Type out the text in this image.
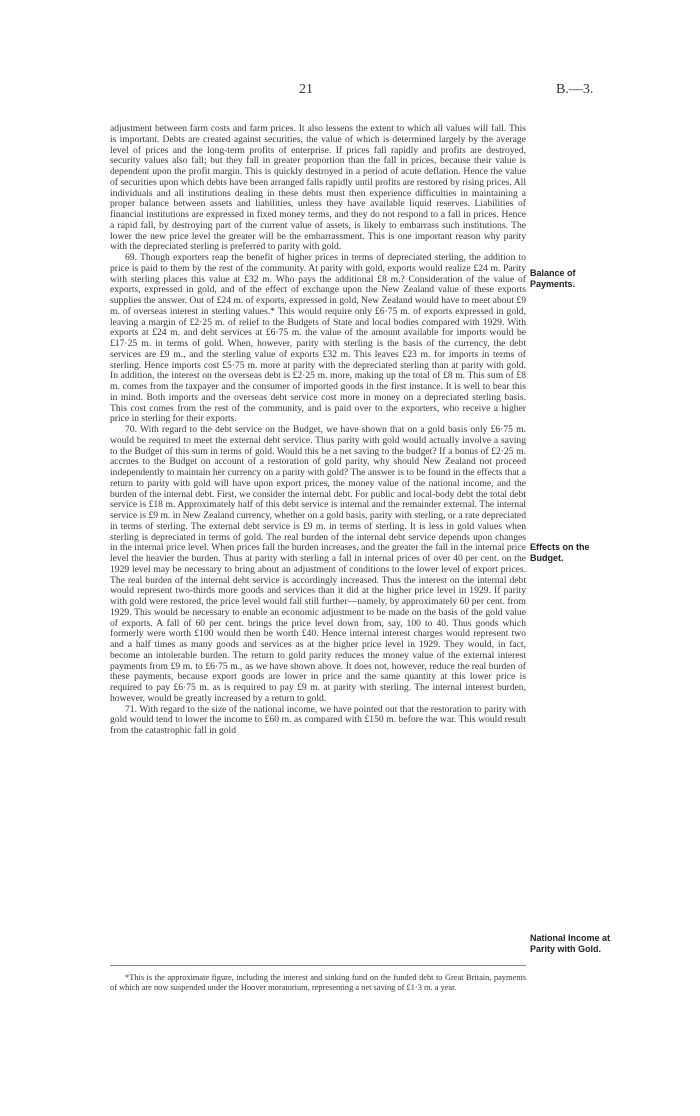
21	B.—3.

adjustment between farm costs and farm prices. It also lessens the extent to which all values will fall. This is important. Debts are created against securities, the value of which is determined largely by the average level of prices and the long-term profits of enterprise. If prices fall rapidly and profits are destroyed, security values also fall; but they fall in greater proportion than the fall in prices, because their value is dependent upon the profit margin. This is quickly destroyed in a period of acute deflation. Hence the value of securities upon which debts have been arranged falls rapidly until profits are restored by rising prices. All individuals and all institutions dealing in these debts must then experience difficulties in maintaining a proper balance between assets and liabilities, unless they have available liquid reserves. Liabilities of financial institutions are expressed in fixed money terms, and they do not respond to a fall in prices. Hence a rapid fall, by destroying part of the current value of assets, is likely to embarrass such institutions. The lower the new price level the greater will be the embarrassment. This is one important reason why parity with the depreciated sterling is preferred to parity with gold.

69. Though exporters reap the benefit of higher prices in terms of depreciated sterling, the addition to price is paid to them by the rest of the community. At parity with gold, exports would realize £24 m. Parity with sterling places this value at £32 m. Who pays the additional £8 m.? Consideration of the value of exports, expressed in gold, and of the effect of exchange upon the New Zealand value of these exports supplies the answer. Out of £24 m. of exports, expressed in gold, New Zealand would have to meet about £9 m. of overseas interest in sterling values.* This would require only £6·75 m. of exports expressed in gold, leaving a margin of £2·25 m. of relief to the Budgets of State and local bodies compared with 1929. With exports at £24 m. and debt services at £6·75 m. the value of the amount available for imports would be £17·25 m. in terms of gold. When, however, parity with sterling is the basis of the currency, the debt services are £9 m., and the sterling value of exports £32 m. This leaves £23 m. for imports in terms of sterling. Hence imports cost £5·75 m. more at parity with the depreciated sterling than at parity with gold. In addition, the interest on the overseas debt is £2·25 m. more, making up the total of £8 m. This sum of £8 m. comes from the taxpayer and the consumer of imported goods in the first instance. It is well to bear this in mind. Both imports and the overseas debt service cost more in money on a depreciated sterling basis. This cost comes from the rest of the community, and is paid over to the exporters, who receive a higher price in sterling for their exports.

70. With regard to the debt service on the Budget, we have shown that on a gold basis only £6·75 m. would be required to meet the external debt service. Thus parity with gold would actually involve a saving to the Budget of this sum in terms of gold. Would this be a net saving to the budget? If a bonus of £2·25 m. accrues to the Budget on account of a restoration of gold parity, why should New Zealand not proceed independently to maintain her currency on a parity with gold? The answer is to be found in the effects that a return to parity with gold will have upon export prices, the money value of the national income, and the burden of the internal debt. First, we consider the internal debt. For public and local-body debt the total debt service is £18 m. Approximately half of this debt service is internal and the remainder external. The internal service is £9 m. in New Zealand currency, whether on a gold basis, parity with sterling, or a rate depreciated in terms of sterling. The external debt service is £9 m. in terms of sterling. It is less in gold values when sterling is depreciated in terms of gold. The real burden of the internal debt service depends upon changes in the internal price level. When prices fall the burden increases, and the greater the fall in the internal price level the heavier the burden. Thus at parity with sterling a fall in internal prices of over 40 per cent. on the 1929 level may be necessary to bring about an adjustment of conditions to the lower level of export prices. The real burden of the internal debt service is accordingly increased. Thus the interest on the internal debt would represent two-thirds more goods and services than it did at the higher price level in 1929. If parity with gold were restored, the price level would fall still further—namely, by approximately 60 per cent. from 1929. This would be necessary to enable an economic adjustment to be made on the basis of the gold value of exports. A fall of 60 per cent. brings the price level down from, say, 100 to 40. Thus goods which formerly were worth £100 would then be worth £40. Hence internal interest charges would represent two and a half times as many goods and services as at the higher price level in 1929. They would, in fact, become an intolerable burden. The return to gold parity reduces the money value of the external interest payments from £9 m. to £6·75 m., as we have shown above. It does not, however, reduce the real burden of these payments, because export goods are lower in price and the same quantity at this lower price is required to pay £6·75 m. as is required to pay £9 m. at parity with sterling. The internal interest burden, however, would be greatly increased by a return to gold.

71. With regard to the size of the national income, we have pointed out that the restoration to parity with gold would tend to lower the income to £60 m. as compared with £150 m. before the war. This would result from the catastrophic fall in gold

Balance of Payments.
Effects on the Budget.
National Income at Parity with Gold.

*This is the approximate figure, including the interest and sinking fund on the funded debt to Great Britain, payments of which are now suspended under the Hoover moratorium, representing a net saving of £1·3 m. a year.
